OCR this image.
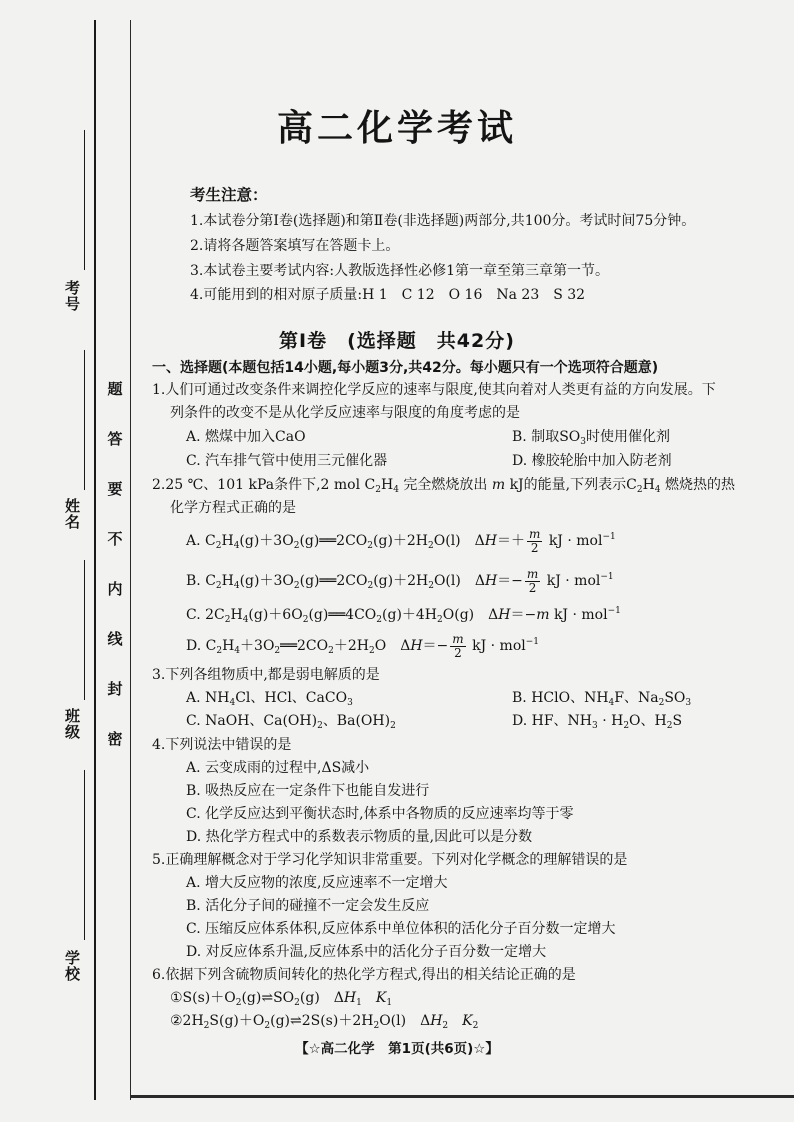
考号
姓名
班级
学校
题
答
要
不
内
线
封
密
高二化学考试
考生注意：
1.本试卷分第Ⅰ卷(选择题)和第Ⅱ卷(非选择题)两部分,共100分。考试时间75分钟。
2.请将各题答案填写在答题卡上。
3.本试卷主要考试内容:人教版选择性必修1第一章至第三章第一节。
4.可能用到的相对原子质量:H 1　C 12　O 16　Na 23　S 32
第Ⅰ卷　(选择题　共42分)
一、选择题(本题包括14小题,每小题3分,共42分。每小题只有一个选项符合题意)
1.人们可通过改变条件来调控化学反应的速率与限度,使其向着对人类更有益的方向发展。下
列条件的改变不是从化学反应速率与限度的角度考虑的是
A. 燃煤中加入CaO	B. 制取$SO_3$时使用催化剂
C. 汽车排气管中使用三元催化器	D. 橡胶轮胎中加入防老剂
2.25 ℃、101 kPa条件下,2 mol $C_2H_4$ 完全燃烧放出 m kJ的能量,下列表示$C_2H_4$ 燃烧热的热
化学方程式正确的是
A. $C_2H_4(g)+3O_2(g)══2CO_2(g)+2H_2O(l)$　$\Delta H=+ \frac{m}{2}$ kJ · mol$^{-1}$
B. $C_2H_4(g)+3O_2(g)══2CO_2(g)+2H_2O(l)$　$\Delta H=- \frac{m}{2}$ kJ · mol$^{-1}$
C. $2C_2H_4(g)+6O_2(g)══4CO_2(g)+4H_2O(g)$　ΔH＝−m kJ · mol$^{-1}$
D. $C_2H_4+3O_2══2CO_2+2H_2O$　$\Delta H=- \frac{m}{2}$ kJ · mol$^{-1}$
3.下列各组物质中,都是弱电解质的是
A. $NH_4Cl$、HCl、CaCO$_3$	B. HClO、$NH_4F$、$Na_2SO_3$
C. NaOH、$Ca(OH)_2$、$Ba(OH)_2$	D. HF、$NH_3 \cdot H_2O$、$H_2S$
4.下列说法中错误的是
A. 云变成雨的过程中,ΔS减小
B. 吸热反应在一定条件下也能自发进行
C. 化学反应达到平衡状态时,体系中各物质的反应速率均等于零
D. 热化学方程式中的系数表示物质的量,因此可以是分数
5.正确理解概念对于学习化学知识非常重要。下列对化学概念的理解错误的是
A. 增大反应物的浓度,反应速率不一定增大
B. 活化分子间的碰撞不一定会发生反应
C. 压缩反应体系体积,反应体系中单位体积的活化分子百分数一定增大
D. 对反应体系升温,反应体系中的活化分子百分数一定增大
6.依据下列含硫物质间转化的热化学方程式,得出的相关结论正确的是
$①S(s)+O_2(g)\rightleftharpoons SO_2(g)$　$\Delta H_1$　 $K_1$
$②2H_2S(g)+O_2(g)\rightleftharpoons 2S(s)+2H_2O(l)$　$\Delta H_2$　 $K_2$
【☆高二化学　第1页(共6页)☆】
